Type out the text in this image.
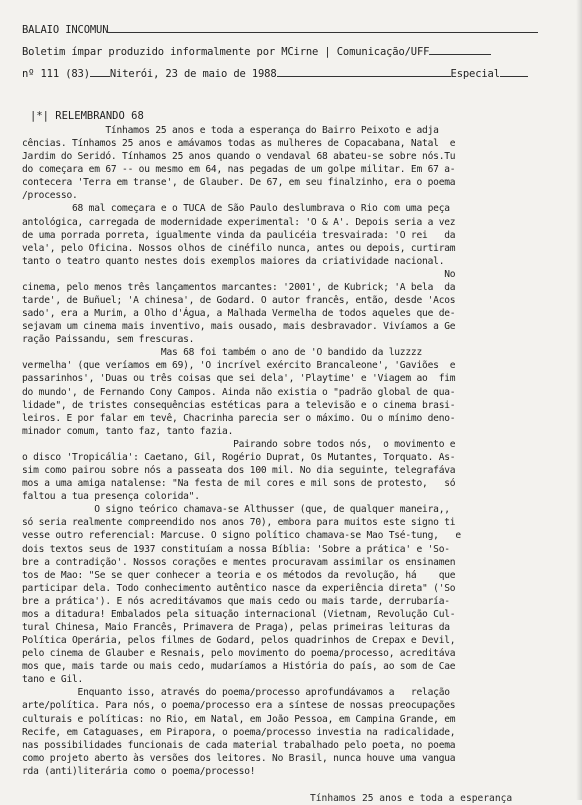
BALAIO INCOMUN
Boletim ímpar produzido informalmente por MCirne | Comunicação/UFF
nº 111 (83) Niterói, 23 de maio de 1988	Especial
|*| RELEMBRANDO 68
Tínhamos 25 anos e toda a esperança do Bairro Peixoto e adja
cências. Tínhamos 25 anos e amávamos todas as mulheres de Copacabana, Natal  e
Jardim do Seridó. Tínhamos 25 anos quando o vendaval 68 abateu-se sobre nós.Tu
do começara em 67 -- ou mesmo em 64, nas pegadas de um golpe militar. Em 67 a-
contecera 'Terra em transe', de Glauber. De 67, em seu finalzinho, era o poema
/processo.
68 mal começara e o TUCA de São Paulo deslumbrava o Rio com uma peça
antológica, carregada de modernidade experimental: 'O & A'. Depois seria a vez
de uma porrada porreta, igualmente vinda da paulicéia tresvairada: 'O rei   da
vela', pelo Oficina. Nossos olhos de cinéfilo nunca, antes ou depois, curtiram
tanto o teatro quanto nestes dois exemplos maiores da criatividade nacional.
No
cinema, pelo menos três lançamentos marcantes: '2001', de Kubrick; 'A bela  da
tarde', de Buñuel; 'A chinesa', de Godard. O autor francês, então, desde 'Acos
sado', era a Murim, a Olho d'Água, a Malhada Vermelha de todos aqueles que de-
sejavam um cinema mais inventivo, mais ousado, mais desbravador. Vivíamos a Ge
ração Paissandu, sem frescuras.
Mas 68 foi também o ano de 'O bandido da luzzzz
vermelha' (que veríamos em 69), 'O incrível exército Brancaleone', 'Gaviões  e
passarinhos', 'Duas ou três coisas que sei dela', 'Playtime' e 'Viagem ao  fim
do mundo', de Fernando Cony Campos. Ainda não existia o "padrão global de qua-
lidade", de tristes consequências estéticas para a televisão e o cinema brasi-
leiros. E por falar em tevê, Chacrinha parecia ser o máximo. Ou o mínimo deno-
minador comum, tanto faz, tanto fazia.
Pairando sobre todos nós,  o movimento e
o disco 'Tropicália': Caetano, Gil, Rogério Duprat, Os Mutantes, Torquato. As-
sim como pairou sobre nós a passeata dos 100 mil. No dia seguinte, telegrafáva
mos a uma amiga natalense: "Na festa de mil cores e mil sons de protesto,   só
faltou a tua presença colorida".
O signo teórico chamava-se Althusser (que, de qualquer maneira,,
só seria realmente compreendido nos anos 70), embora para muitos este signo ti
vesse outro referencial: Marcuse. O signo político chamava-se Mao Tsé-tung,   e
dois textos seus de 1937 constituíam a nossa Bíblia: 'Sobre a prática' e 'So-
bre a contradição'. Nossos corações e mentes procuravam assimilar os ensinamen
tos de Mao: "Se se quer conhecer a teoria e os métodos da revolução, há    que
participar dela. Todo conhecimento autêntico nasce da experiência direta" ('So
bre a prática'). E nós acreditávamos que mais cedo ou mais tarde, derrubaría-
mos a ditadura! Embalados pela situação internacional (Vietnam, Revolução Cul-
tural Chinesa, Maio Francês, Primavera de Praga), pelas primeiras leituras da
Política Operária, pelos filmes de Godard, pelos quadrinhos de Crepax e Devil,
pelo cinema de Glauber e Resnais, pelo movimento do poema/processo, acreditáva
mos que, mais tarde ou mais cedo, mudaríamos a História do país, ao som de Cae
tano e Gil.
Enquanto isso, através do poema/processo aprofundávamos a   relação
arte/política. Para nós, o poema/processo era a síntese de nossas preocupações
culturais e políticas: no Rio, em Natal, em João Pessoa, em Campina Grande, em
Recife, em Cataguases, em Pirapora, o poema/processo investia na radicalidade,
nas possibilidades funcionais de cada material trabalhado pelo poeta, no poema
como projeto aberto às versões dos leitores. No Brasil, nunca houve uma vangua
rda (anti)literária como o poema/processo!
Tínhamos 25 anos e toda a esperança
